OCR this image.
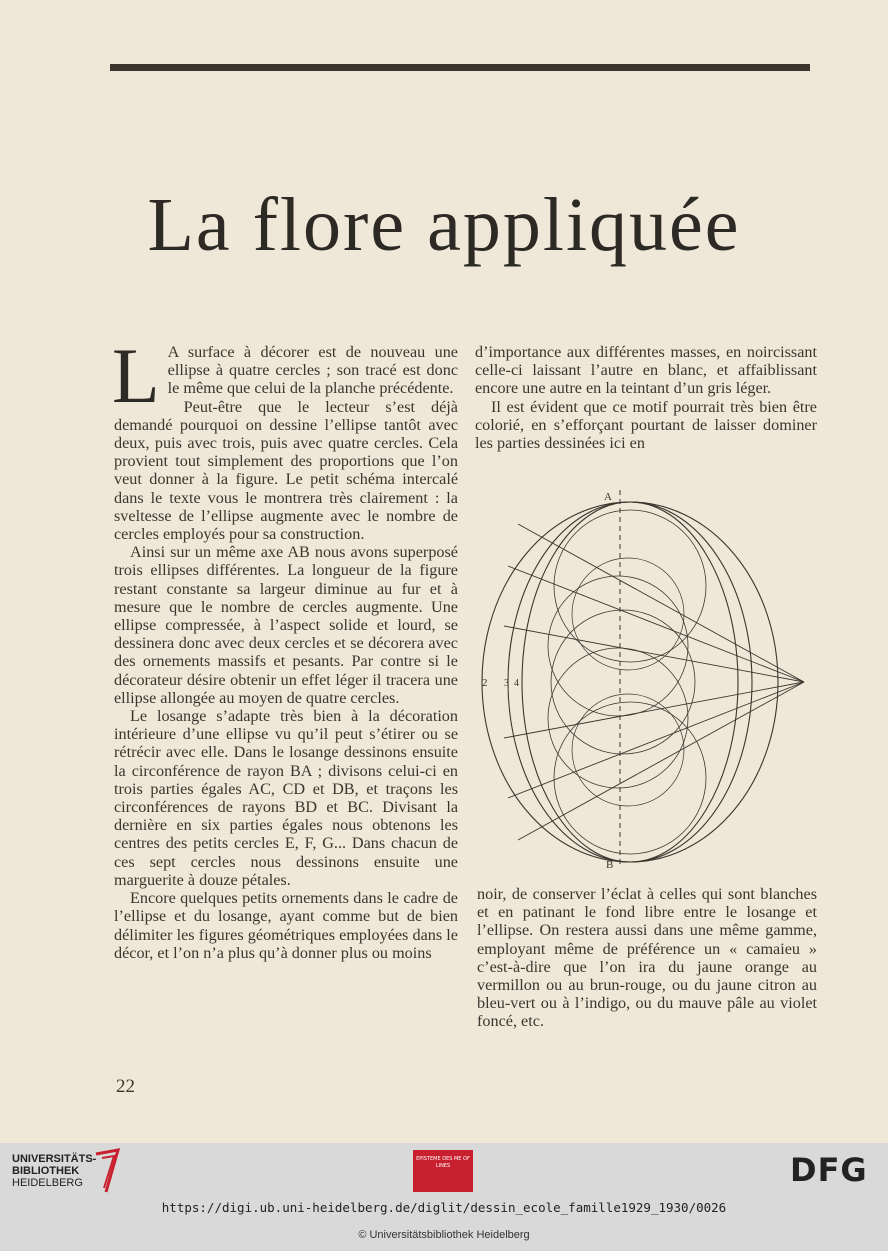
La flore appliquée

L A surface à décorer est de nouveau une ellipse à quatre cercles ; son tracé est donc le même que celui de la planche précédente.

Peut-être que le lecteur s’est déjà demandé pourquoi on dessine l’ellipse tantôt avec deux, puis avec trois, puis avec quatre cercles. Cela provient tout simplement des proportions que l’on veut donner à la figure. Le petit schéma intercalé dans le texte vous le montrera très clairement : la sveltesse de l’ellipse augmente avec le nombre de cercles employés pour sa construction.

Ainsi sur un même axe AB nous avons superposé trois ellipses différentes. La longueur de la figure restant constante sa largeur diminue au fur et à mesure que le nombre de cercles augmente. Une ellipse compressée, à l’aspect solide et lourd, se dessinera donc avec deux cercles et se décorera avec des ornements massifs et pesants. Par contre si le décorateur désire obtenir un effet léger il tracera une ellipse allongée au moyen de quatre cercles.

Le losange s’adapte très bien à la décoration intérieure d’une ellipse vu qu’il peut s’étirer ou se rétrécir avec elle. Dans le losange dessinons ensuite la circonférence de rayon BA ; divisons celui-ci en trois parties égales AC, CD et DB, et traçons les circonférences de rayons BD et BC. Divisant la dernière en six parties égales nous obtenons les centres des petits cercles E, F, G... Dans chacun de ces sept cercles nous dessinons ensuite une marguerite à douze pétales.

Encore quelques petits ornements dans le cadre de l’ellipse et du losange, ayant comme but de bien délimiter les figures géométriques employées dans le décor, et l’on n’a plus qu’à donner plus ou moins

d’importance aux différentes masses, en noircissant celle-ci laissant l’autre en blanc, et affaiblissant encore une autre en la teintant d’un gris léger.

Il est évident que ce motif pourrait très bien être colorié, en s’efforçant pourtant de laisser dominer les parties dessinées ici en

A
B
2 3 4

noir, de conserver l’éclat à celles qui sont blanches et en patinant le fond libre entre le losange et l’ellipse. On restera aussi dans une même gamme, employant même de préférence un « camaieu » c’est-à-dire que l’on ira du jaune orange au vermillon ou au brun-rouge, ou du jaune citron au bleu-vert ou à l’indigo, ou du mauve pâle au violet foncé, etc.

22
UNIVERSITÄTS-
BIBLIOTHEK
HEIDELBERG
EPISTEME DES ME OF LINES	DFG
https://digi.ub.uni-heidelberg.de/diglit/dessin_ecole_famille1929_1930/0026
© Universitätsbibliothek Heidelberg
